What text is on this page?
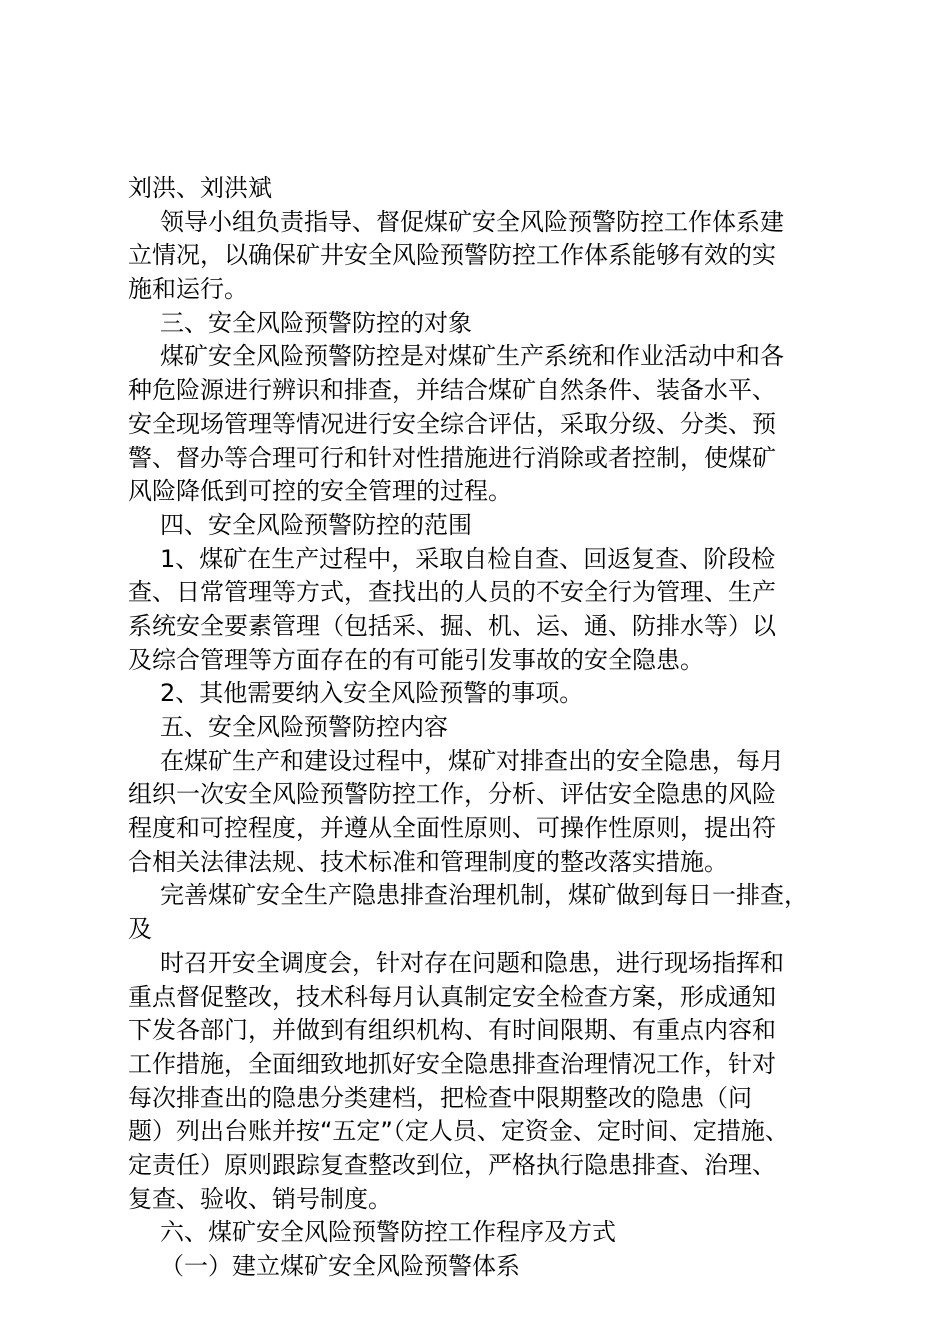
刘洪、刘洪斌
领导小组负责指导、督促煤矿安全风险预警防控工作体系建
立情况，以确保矿井安全风险预警防控工作体系能够有效的实
施和运行。
三、安全风险预警防控的对象
煤矿安全风险预警防控是对煤矿生产系统和作业活动中和各
种危险源进行辨识和排查，并结合煤矿自然条件、装备水平、
安全现场管理等情况进行安全综合评估，采取分级、分类、预
警、督办等合理可行和针对性措施进行消除或者控制，使煤矿
风险降低到可控的安全管理的过程。
四、安全风险预警防控的范围
1、煤矿在生产过程中，采取自检自查、回返复查、阶段检
查、日常管理等方式，查找出的人员的不安全行为管理、生产
系统安全要素管理（包括采、掘、机、运、通、防排水等）以
及综合管理等方面存在的有可能引发事故的安全隐患。
2、其他需要纳入安全风险预警的事项。
五、安全风险预警防控内容
在煤矿生产和建设过程中，煤矿对排查出的安全隐患，每月
组织一次安全风险预警防控工作，分析、评估安全隐患的风险
程度和可控程度，并遵从全面性原则、可操作性原则，提出符
合相关法律法规、技术标准和管理制度的整改落实措施。
完善煤矿安全生产隐患排查治理机制，煤矿做到每日一排查，
及
时召开安全调度会，针对存在问题和隐患，进行现场指挥和
重点督促整改，技术科每月认真制定安全检查方案，形成通知
下发各部门，并做到有组织机构、有时间限期、有重点内容和
工作措施，全面细致地抓好安全隐患排查治理情况工作，针对
每次排查出的隐患分类建档，把检查中限期整改的隐患（问
题）列出台账并按“五定”（定人员、定资金、定时间、定措施、
定责任）原则跟踪复查整改到位，严格执行隐患排查、治理、
复查、验收、销号制度。
六、煤矿安全风险预警防控工作程序及方式
（一）建立煤矿安全风险预警体系
